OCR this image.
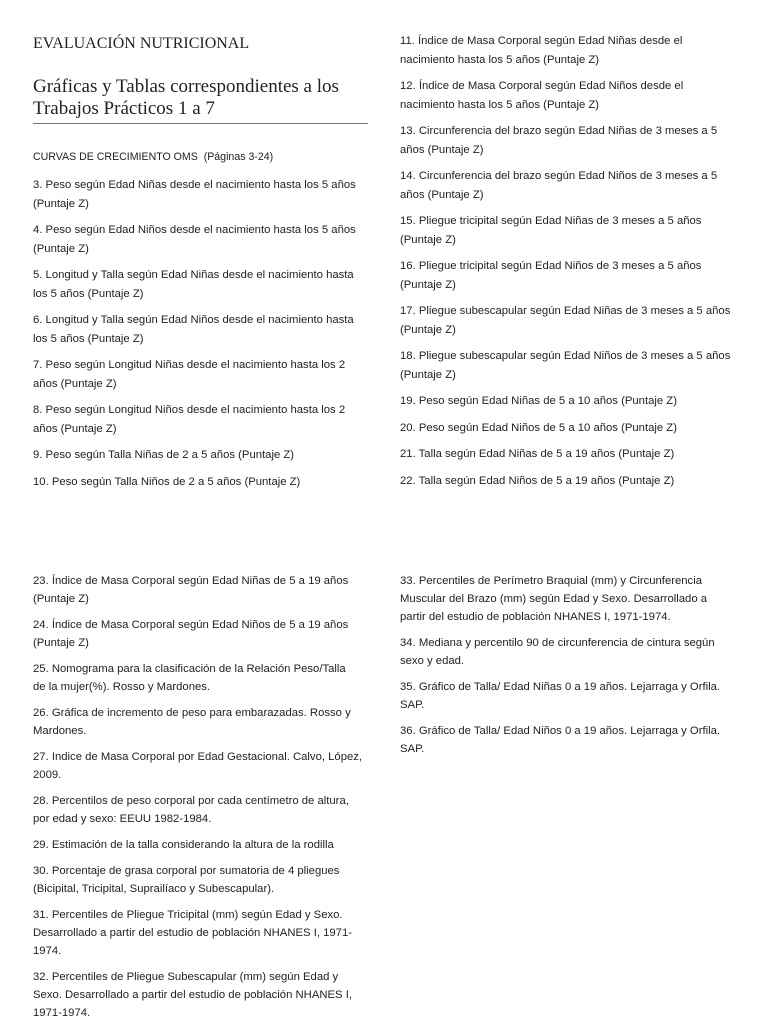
EVALUACIÓN NUTRICIONAL
Gráficas y Tablas correspondientes a los
Trabajos Prácticos 1 a 7
CURVAS DE CRECIMIENTO OMS  (Páginas 3-24)
3. Peso según Edad Niñas desde el nacimiento hasta los 5 años
(Puntaje Z)
4. Peso según Edad Niños desde el nacimiento hasta los 5 años
(Puntaje Z)
5. Longitud y Talla según Edad Niñas desde el nacimiento hasta
los 5 años (Puntaje Z)
6. Longitud y Talla según Edad Niños desde el nacimiento hasta
los 5 años (Puntaje Z)
7. Peso según Longitud Niñas desde el nacimiento hasta los 2
años (Puntaje Z)
8. Peso según Longitud Niños desde el nacimiento hasta los 2
años (Puntaje Z)
9. Peso según Talla Niñas de 2 a 5 años (Puntaje Z)
10. Peso según Talla Niños de 2 a 5 años (Puntaje Z)
11. Índice de Masa Corporal según Edad Niñas desde el
nacimiento hasta los 5 años (Puntaje Z)
12. Índice de Masa Corporal según Edad Niños desde el
nacimiento hasta los 5 años (Puntaje Z)
13. Circunferencia del brazo según Edad Niñas de 3 meses a 5
años (Puntaje Z)
14. Circunferencia del brazo según Edad Niños de 3 meses a 5
años (Puntaje Z)
15. Pliegue tricipital según Edad Niñas de 3 meses a 5 años
(Puntaje Z)
16. Pliegue tricipital según Edad Niños de 3 meses a 5 años
(Puntaje Z)
17. Pliegue subescapular según Edad Niñas de 3 meses a 5 años
(Puntaje Z)
18. Pliegue subescapular según Edad Niños de 3 meses a 5 años
(Puntaje Z)
19. Peso según Edad Niñas de 5 a 10 años (Puntaje Z)
20. Peso según Edad Niños de 5 a 10 años (Puntaje Z)
21. Talla según Edad Niñas de 5 a 19 años (Puntaje Z)
22. Talla según Edad Niños de 5 a 19 años (Puntaje Z)
23. Índice de Masa Corporal según Edad Niñas de 5 a 19 años
(Puntaje Z)
24. Índice de Masa Corporal según Edad Niños de 5 a 19 años
(Puntaje Z)
25. Nomograma para la clasificación de la Relación Peso/Talla
de la mujer(%). Rosso y Mardones.
26. Gráfica de incremento de peso para embarazadas. Rosso y
Mardones.
27. Indice de Masa Corporal por Edad Gestacional. Calvo, López,
2009.
28. Percentilos de peso corporal por cada centímetro de altura,
por edad y sexo: EEUU 1982-1984.
29. Estimación de la talla considerando la altura de la rodilla
30. Porcentaje de grasa corporal por sumatoria de 4 pliegues
(Bicipital, Tricipital, Suprailíaco y Subescapular).
31. Percentiles de Pliegue Tricipital (mm) según Edad y Sexo.
Desarrollado a partir del estudio de población NHANES I, 1971-
1974.
32. Percentiles de Pliegue Subescapular (mm) según Edad y
Sexo. Desarrollado a partir del estudio de población NHANES I,
1971-1974.
33. Percentiles de Perímetro Braquial (mm) y Circunferencia
Muscular del Brazo (mm) según Edad y Sexo. Desarrollado a
partir del estudio de población NHANES I, 1971-1974.
34. Mediana y percentilo 90 de circunferencia de cintura según
sexo y edad.
35. Gráfico de Talla/ Edad Niñas 0 a 19 años. Lejarraga y Orfila.
SAP.
36. Gráfico de Talla/ Edad Niños 0 a 19 años. Lejarraga y Orfila.
SAP.
